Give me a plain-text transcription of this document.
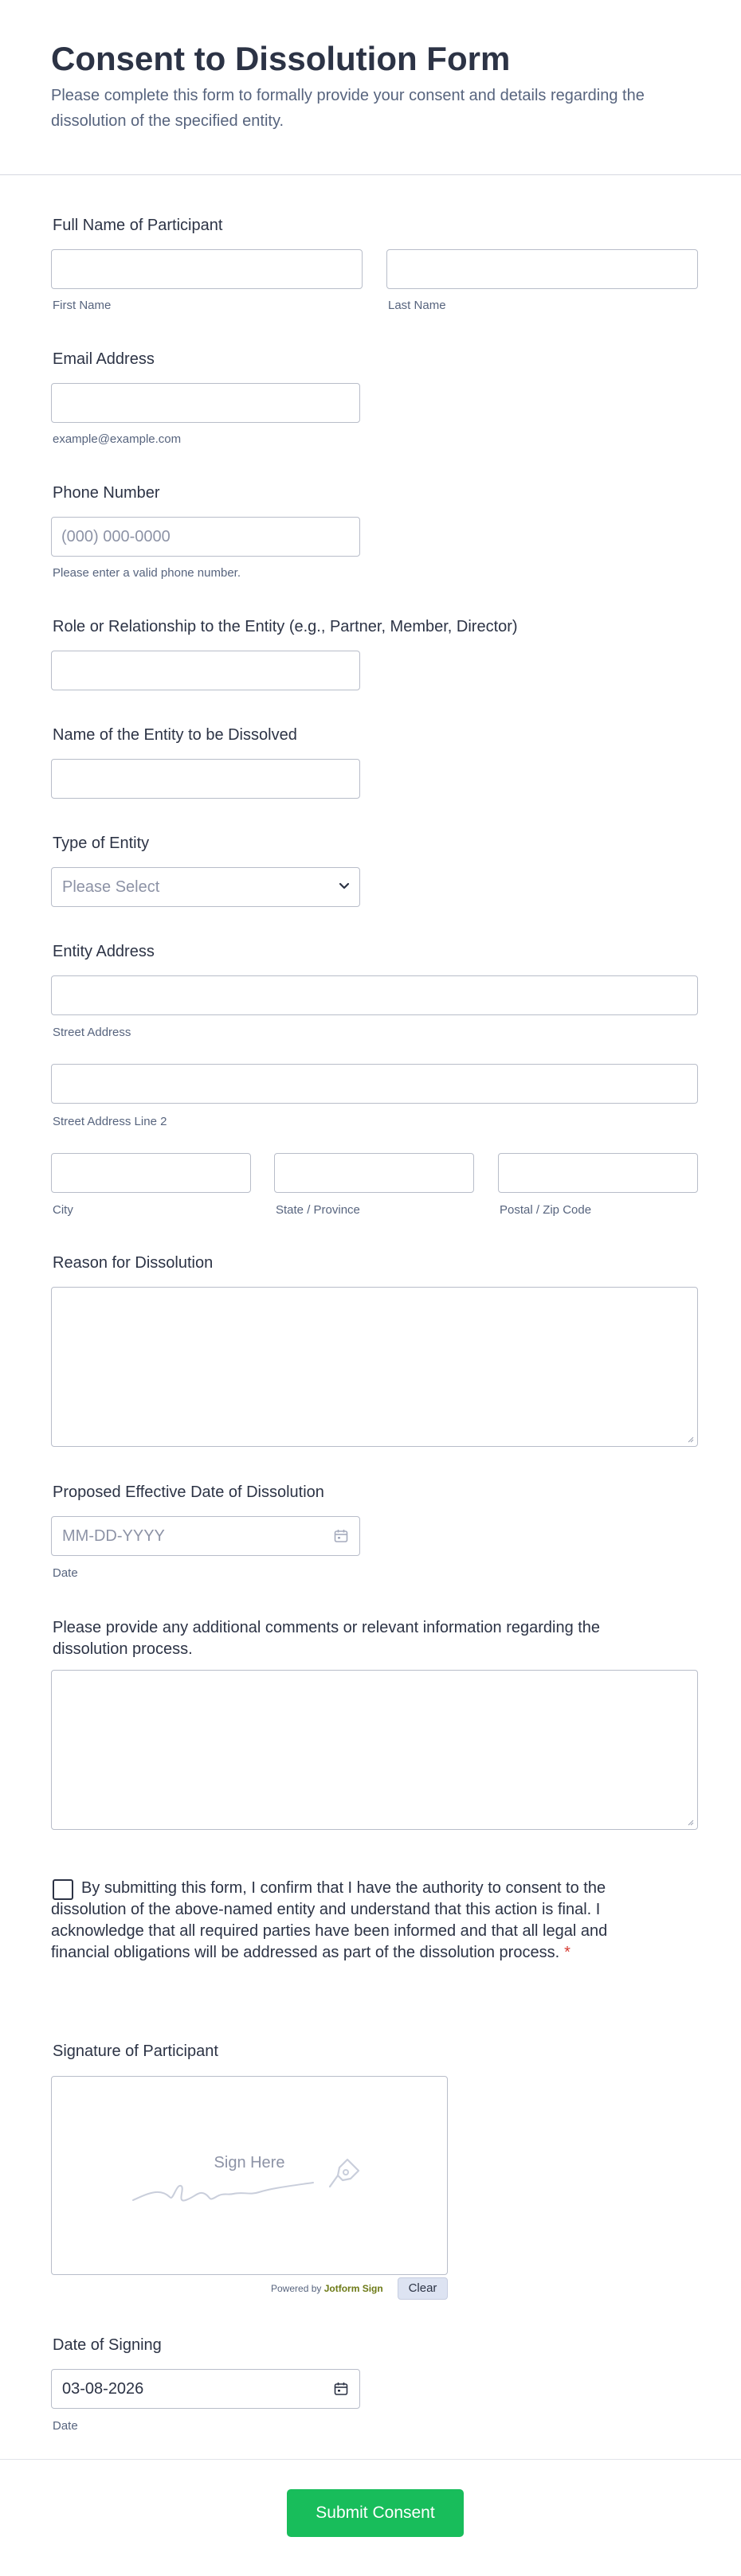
Consent to Dissolution Form

Please complete this form to formally provide your consent and details regarding the dissolution of the specified entity.

Full Name of Participant
First Name	Last Name
Email Address
example@example.com
Phone Number
(000) 000-0000
Please enter a valid phone number.
Role or Relationship to the Entity (e.g., Partner, Member, Director)
Name of the Entity to be Dissolved
Type of Entity
Please Select
Entity Address
Street Address
Street Address Line 2
City	State / Province	Postal / Zip Code
Reason for Dissolution
Proposed Effective Date of Dissolution
MM-DD-YYYY
Date
Please provide any additional comments or relevant information regarding the dissolution process.
By submitting this form, I confirm that I have the authority to consent to the dissolution of the above-named entity and understand that this action is final. I acknowledge that all required parties have been informed and that all legal and financial obligations will be addressed as part of the dissolution process. *
Signature of Participant
Sign Here
Powered by Jotform Sign	Clear
Date of Signing
03-08-2026
Date
Submit Consent
